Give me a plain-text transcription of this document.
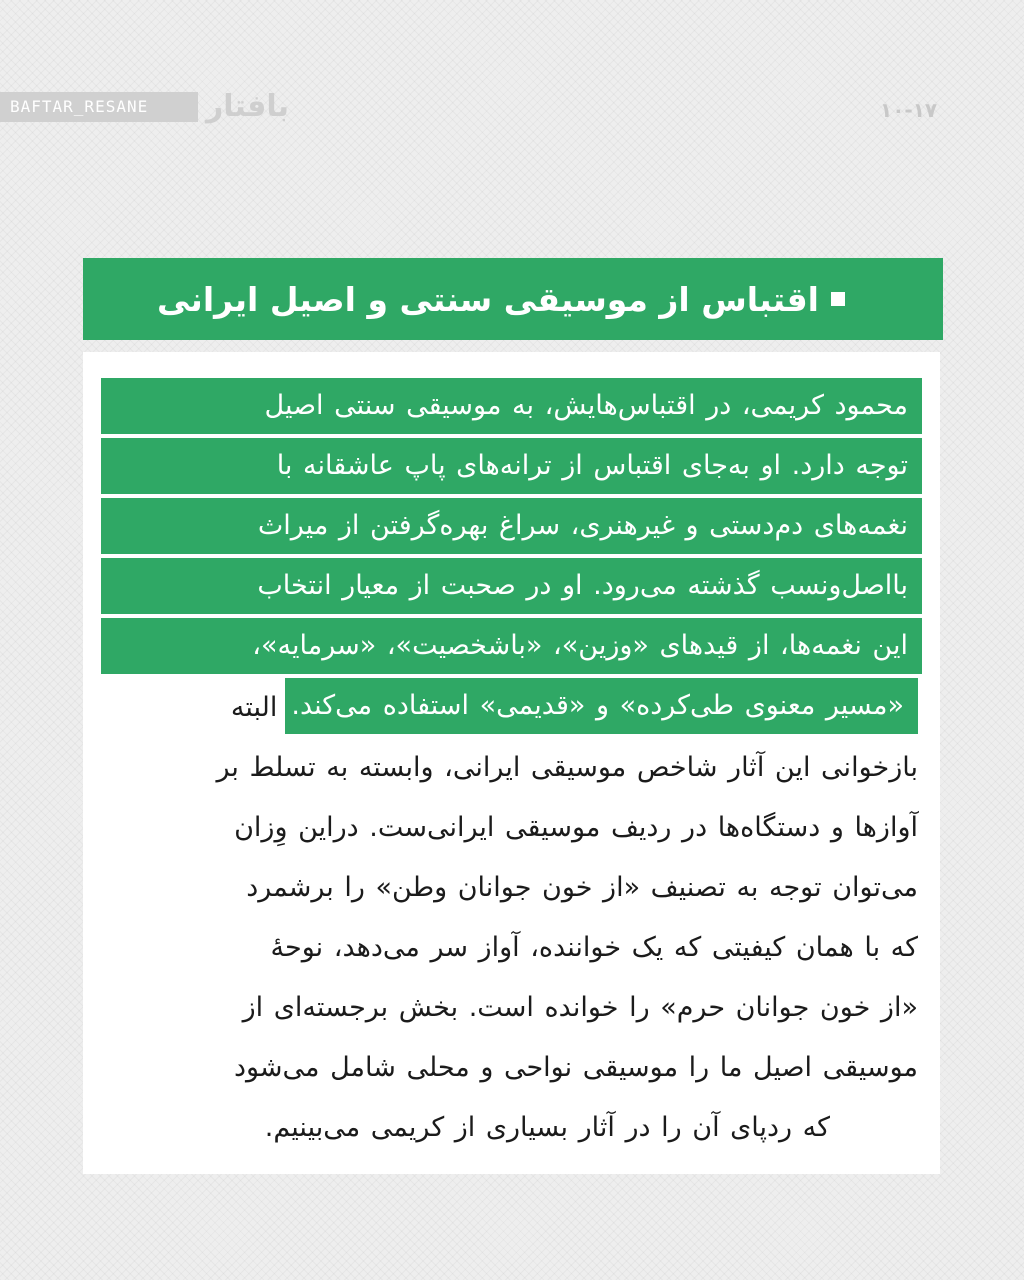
BAFTAR_RESANE	بافتار	۱۰-۱۷
اقتباس از موسیقی سنتی و اصیل ایرانی
محمود کریمی، در اقتباس‌هایش، به موسیقی سنتی اصیل
توجه دارد. او به‌جای اقتباس از ترانه‌های پاپ عاشقانه با
نغمه‌های دم‌دستی و غیرهنری، سراغ بهره‌گرفتن از میراث
بااصل‌ونسب گذشته می‌رود. او در صحبت از معیار انتخاب
این نغمه‌ها، از قیدهای «وزین»، «باشخصیت»، «سرمایه»،
«مسیر معنوی طی‌کرده» و «قدیمی» استفاده می‌کند.
البته
بازخوانی این آثار شاخص موسیقی ایرانی، وابسته به تسلط بر
آوازها و دستگاه‌ها در ردیف موسیقی ایرانی‌ست. دراین وِزان
می‌توان توجه به تصنیف «از خون جوانان وطن» را برشمرد
که با همان کیفیتی که یک خواننده، آواز سر می‌دهد، نوحهٔ
«از خون جوانان حرم» را خوانده است. بخش برجسته‌ای از
موسیقی اصیل ما را موسیقی نواحی و محلی شامل می‌شود
که ردپای آن را در آثار بسیاری از کریمی می‌بینیم.
